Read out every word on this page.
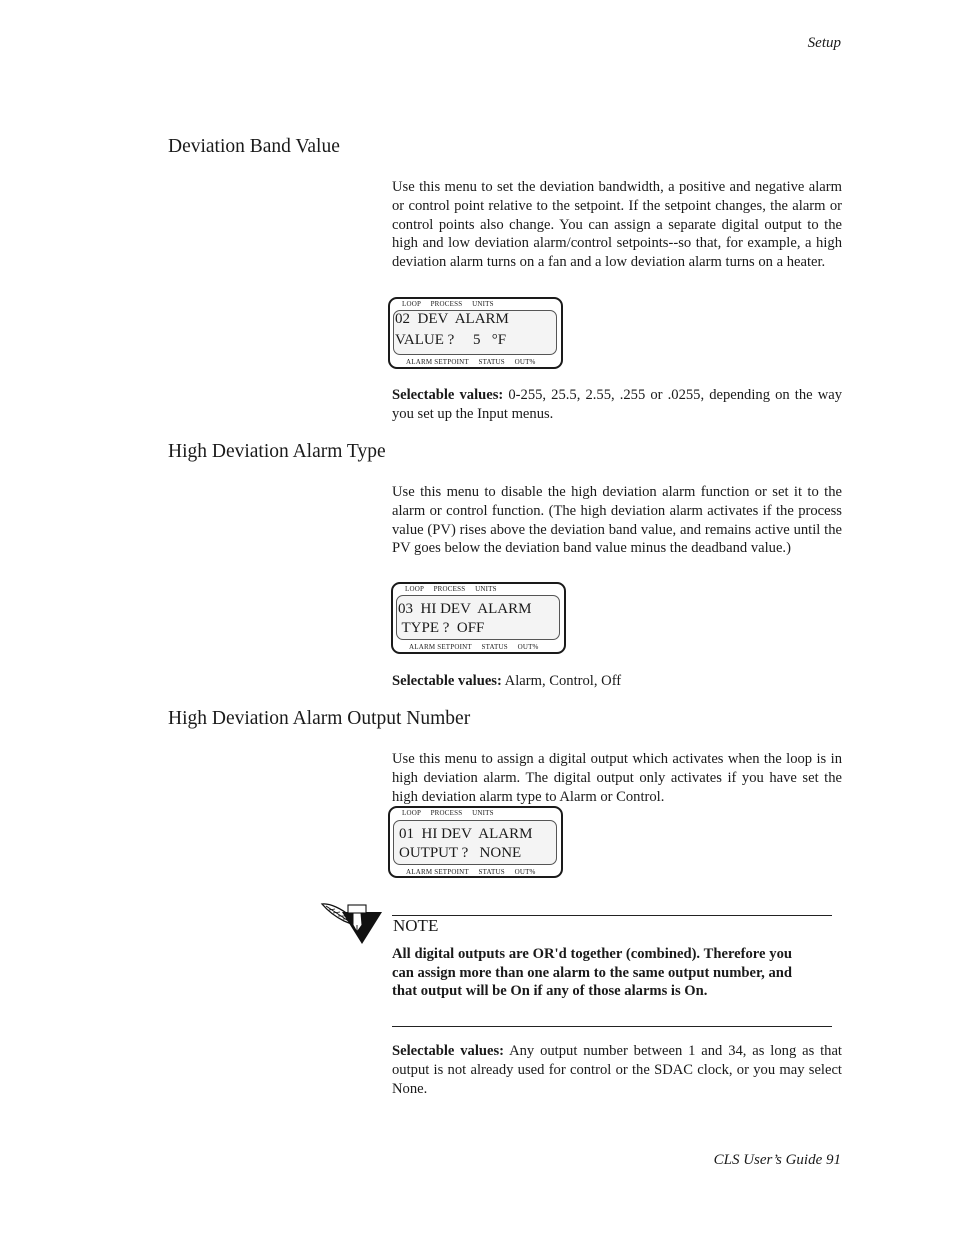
Setup
Deviation Band Value

Use this menu to set the deviation bandwidth, a positive and negative alarm or control point relative to the setpoint. If the setpoint changes, the alarm or control points also change. You can assign a separate digital output to the high and low deviation alarm/control setpoints--so that, for example, a high deviation alarm turns on a fan and a low deviation alarm turns on a heater.

LOOP     PROCESS     UNITS
02  DEV  ALARM
VALUE ?     5   °F
ALARM SETPOINT     STATUS     OUT%

Selectable values: 0-255, 25.5, 2.55, .255 or .0255, depending on the way you set up the Input menus.

High Deviation Alarm Type

Use this menu to disable the high deviation alarm function or set it to the alarm or control function. (The high deviation alarm activates if the process value (PV) rises above the deviation band value, and remains active until the PV goes below the deviation band value minus the deadband value.)

LOOP     PROCESS     UNITS
03  HI DEV  ALARM
TYPE ?  OFF
ALARM SETPOINT     STATUS     OUT%

Selectable values: Alarm, Control, Off

High Deviation Alarm Output Number

Use this menu to assign a digital output which activates when the loop is in high deviation alarm. The digital output only activates if you have set the high deviation alarm type to Alarm or Control.

LOOP     PROCESS     UNITS
01  HI DEV  ALARM
OUTPUT ?   NONE
ALARM SETPOINT     STATUS     OUT%
NOTE

All digital outputs are OR'd together (combined). Therefore you can assign more than one alarm to the same output number, and that output will be On if any of those alarms is On.

Selectable values: Any output number between 1 and 34, as long as that output is not already used for control or the SDAC clock, or you may select None.

CLS User’s Guide 91
